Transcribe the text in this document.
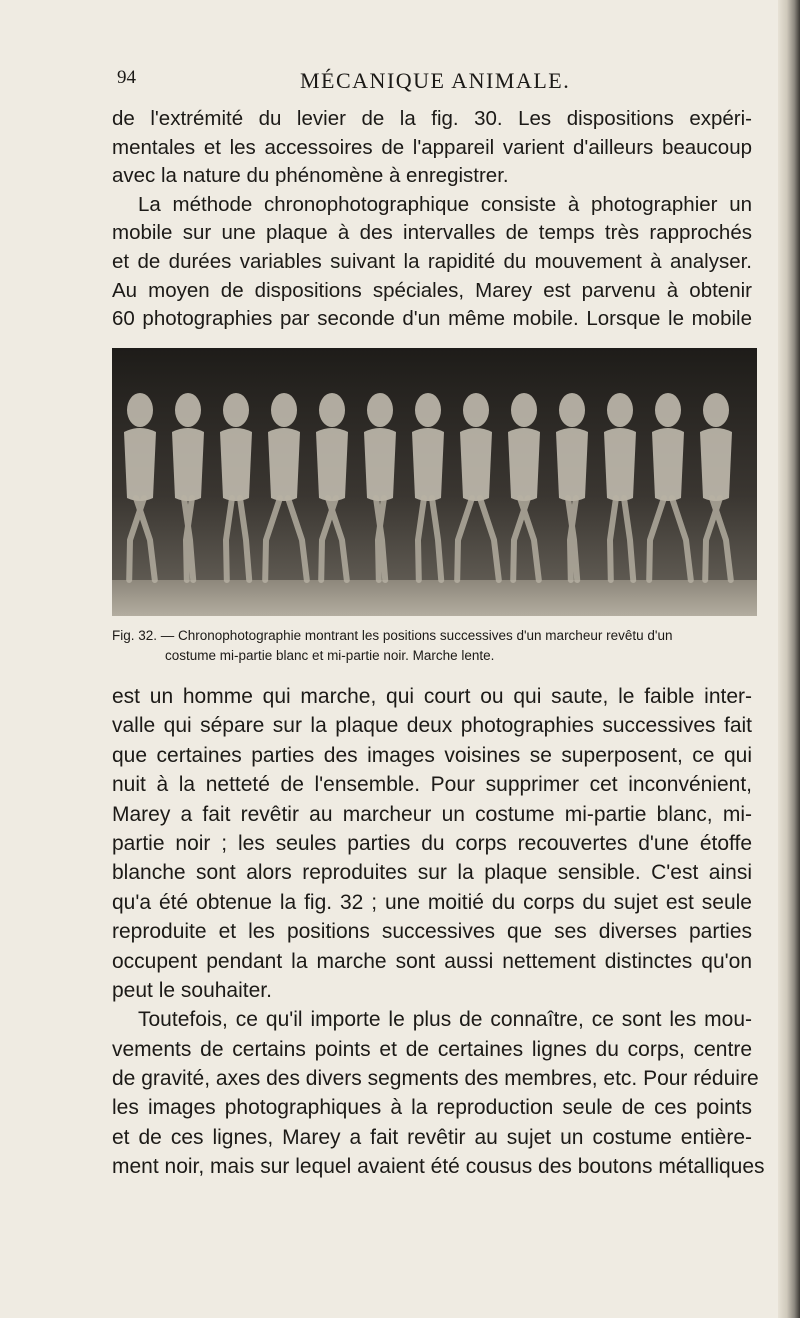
94	MÉCANIQUE ANIMALE.
de l'extrémité du levier de la fig. 30. Les dispositions expéri-
mentales et les accessoires de l'appareil varient d'ailleurs beaucoup
avec la nature du phénomène à enregistrer.
La méthode chronophotographique consiste à photographier un
mobile sur une plaque à des intervalles de temps très rapprochés
et de durées variables suivant la rapidité du mouvement à analyser.
Au moyen de dispositions spéciales, Marey est parvenu à obtenir
60 photographies par seconde d'un même mobile. Lorsque le mobile
Fig. 32. — Chronophotographie montrant les positions successives d'un marcheur revêtu d'un
costume mi-partie blanc et mi-partie noir. Marche lente.
est un homme qui marche, qui court ou qui saute, le faible inter-
valle qui sépare sur la plaque deux photographies successives fait
que certaines parties des images voisines se superposent, ce qui
nuit à la netteté de l'ensemble. Pour supprimer cet inconvénient,
Marey a fait revêtir au marcheur un costume mi-partie blanc, mi-
partie noir ; les seules parties du corps recouvertes d'une étoffe
blanche sont alors reproduites sur la plaque sensible. C'est ainsi
qu'a été obtenue la fig. 32 ; une moitié du corps du sujet est seule
reproduite et les positions successives que ses diverses parties
occupent pendant la marche sont aussi nettement distinctes qu'on
peut le souhaiter.
Toutefois, ce qu'il importe le plus de connaître, ce sont les mou-
vements de certains points et de certaines lignes du corps, centre
de gravité, axes des divers segments des membres, etc. Pour réduire
les images photographiques à la reproduction seule de ces points
et de ces lignes, Marey a fait revêtir au sujet un costume entière-
ment noir, mais sur lequel avaient été cousus des boutons métalliques
